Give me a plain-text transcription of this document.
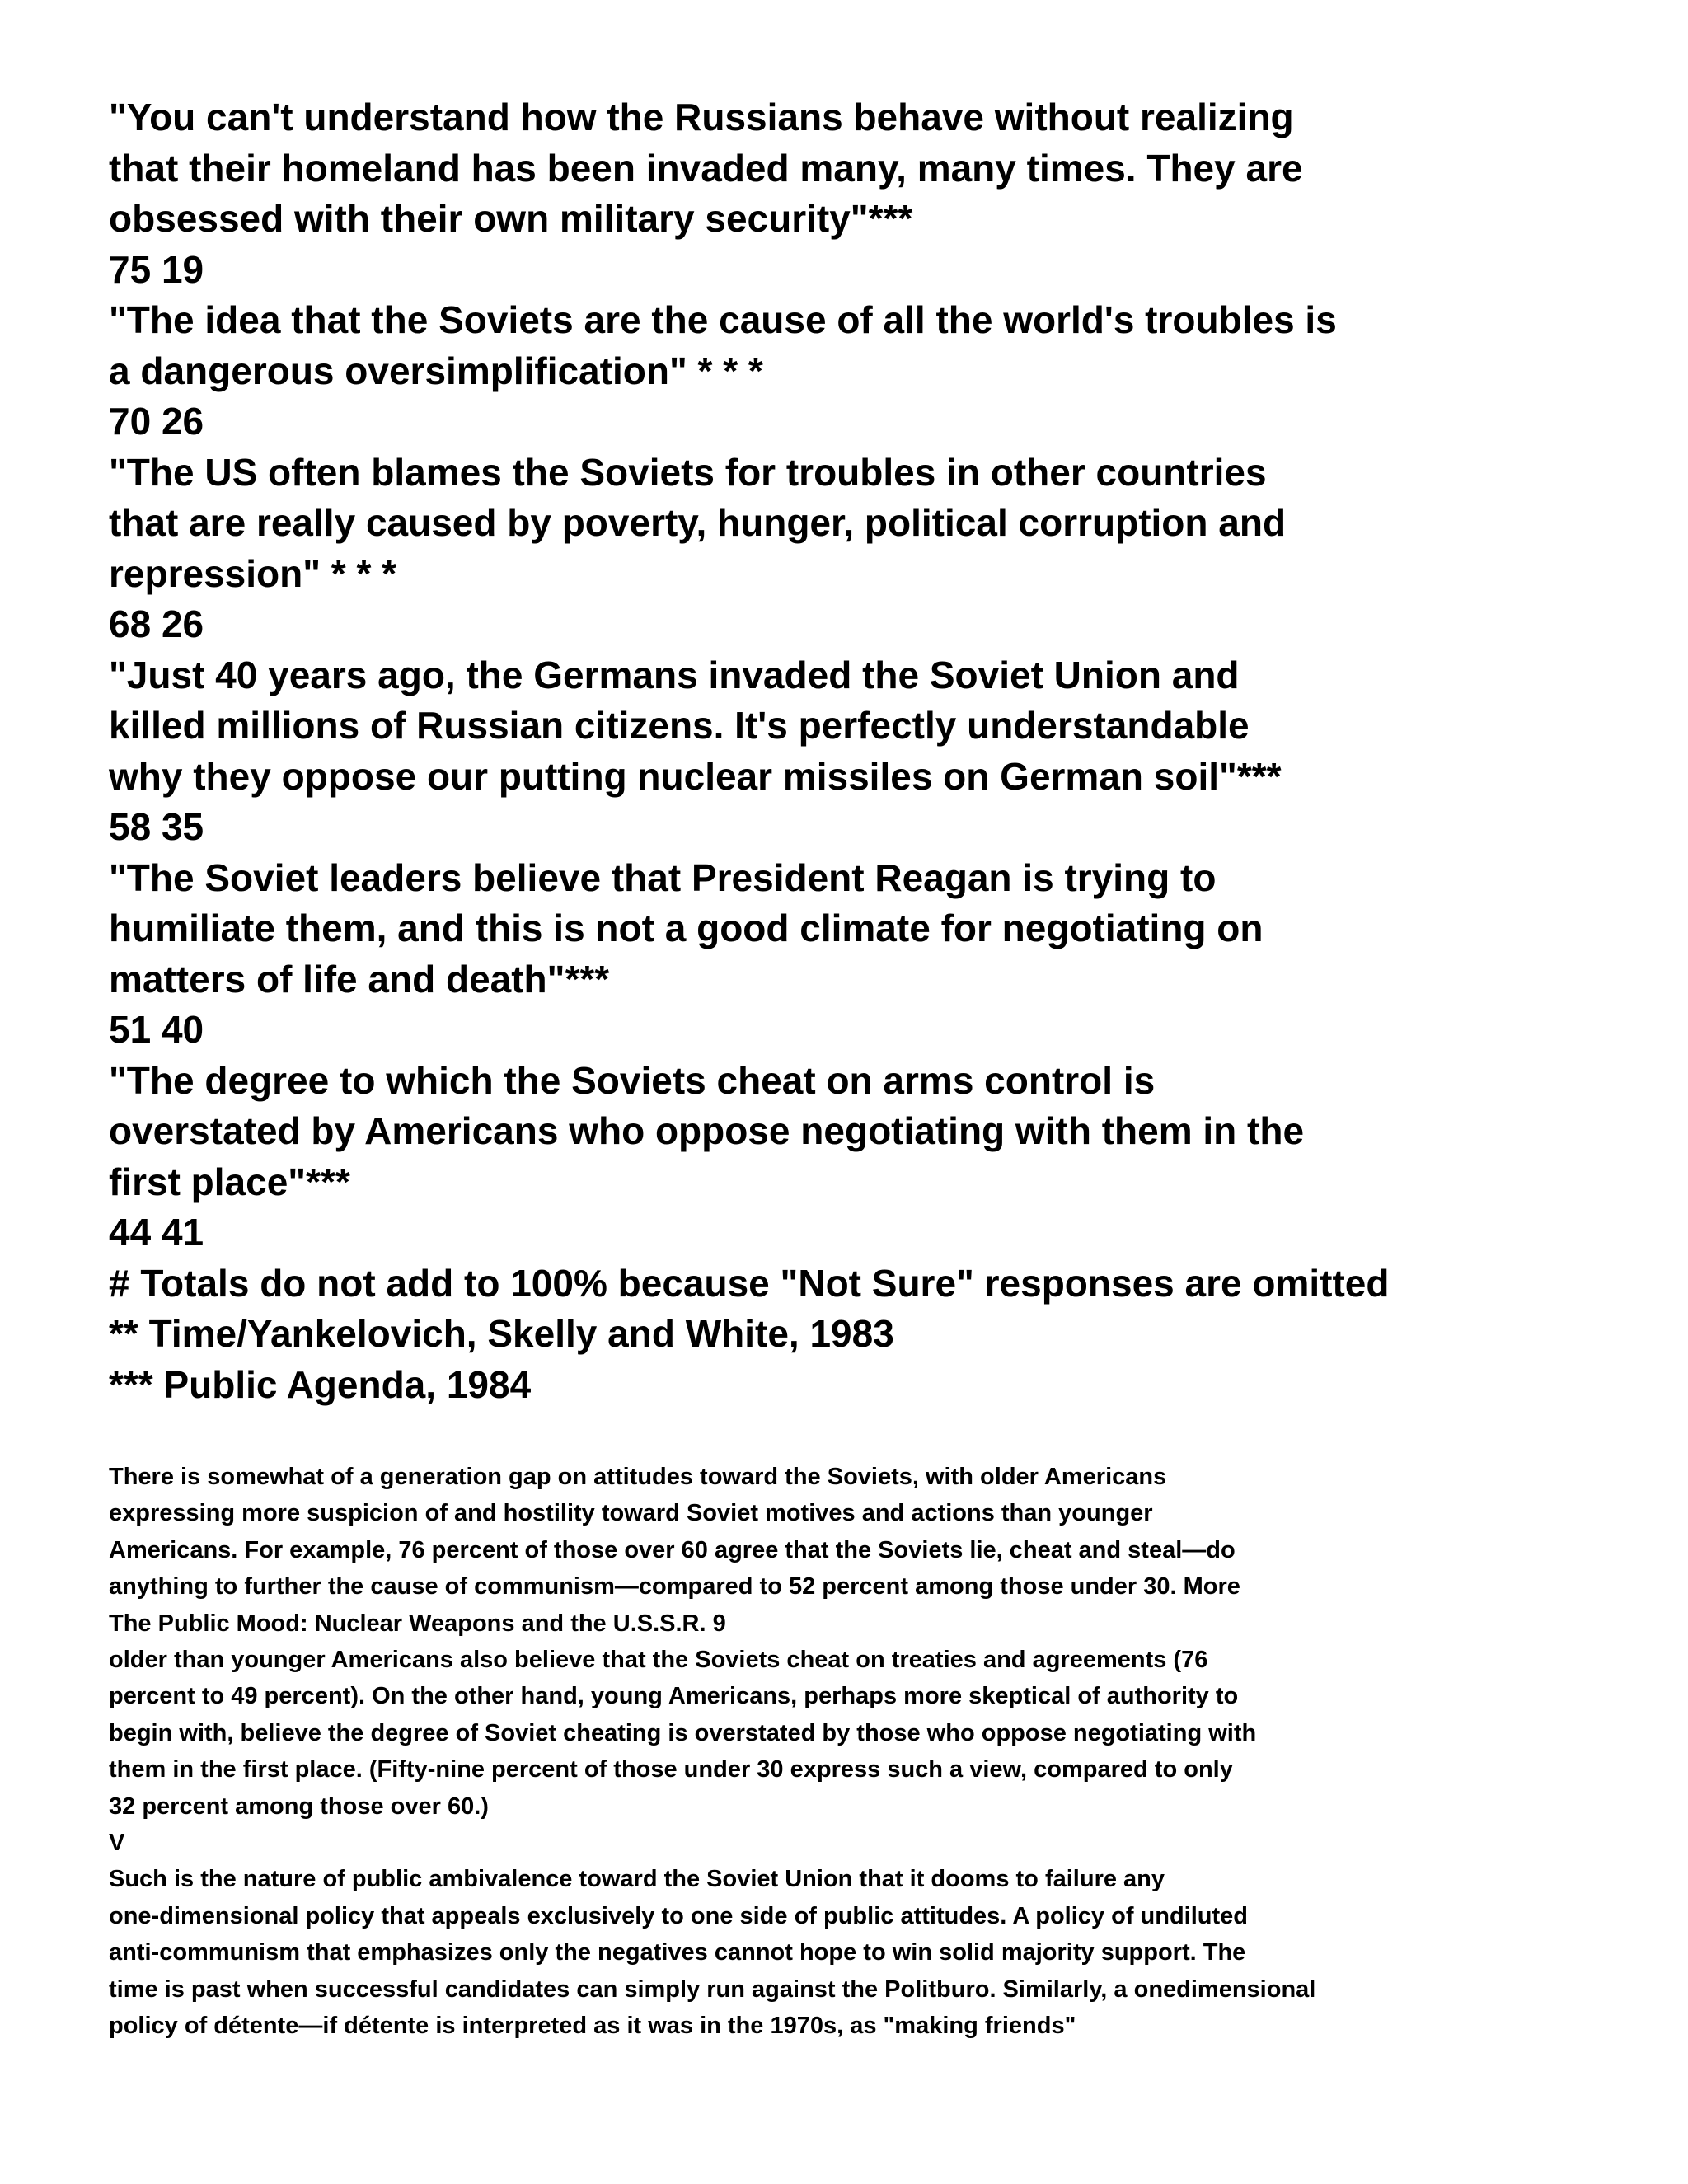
"You can't understand how the Russians behave without realizing
that their homeland has been invaded many, many times. They are
obsessed with their own military security"***
75 19
"The idea that the Soviets are the cause of all the world's troubles is
a dangerous oversimplification" * * *
70 26
"The US often blames the Soviets for troubles in other countries
that are really caused by poverty, hunger, political corruption and
repression" * * *
68 26
"Just 40 years ago, the Germans invaded the Soviet Union and
killed millions of Russian citizens. It's perfectly understandable
why they oppose our putting nuclear missiles on German soil"***
58 35
"The Soviet leaders believe that President Reagan is trying to
humiliate them, and this is not a good climate for negotiating on
matters of life and death"***
51 40
"The degree to which the Soviets cheat on arms control is
overstated by Americans who oppose negotiating with them in the
first place"***
44 41
# Totals do not add to 100% because "Not Sure" responses are omitted
** Time/Yankelovich, Skelly and White, 1983
*** Public Agenda, 1984
There is somewhat of a generation gap on attitudes toward the Soviets, with older Americans
expressing more suspicion of and hostility toward Soviet motives and actions than younger
Americans. For example, 76 percent of those over 60 agree that the Soviets lie, cheat and steal—do
anything to further the cause of communism—compared to 52 percent among those under 30. More
The Public Mood: Nuclear Weapons and the U.S.S.R. 9
older than younger Americans also believe that the Soviets cheat on treaties and agreements (76
percent to 49 percent). On the other hand, young Americans, perhaps more skeptical of authority to
begin with, believe the degree of Soviet cheating is overstated by those who oppose negotiating with
them in the first place. (Fifty-nine percent of those under 30 express such a view, compared to only
32 percent among those over 60.)
V
Such is the nature of public ambivalence toward the Soviet Union that it dooms to failure any
one-dimensional policy that appeals exclusively to one side of public attitudes. A policy of undiluted
anti-communism that emphasizes only the negatives cannot hope to win solid majority support. The
time is past when successful candidates can simply run against the Politburo. Similarly, a onedimensional
policy of détente—if détente is interpreted as it was in the 1970s, as "making friends"
